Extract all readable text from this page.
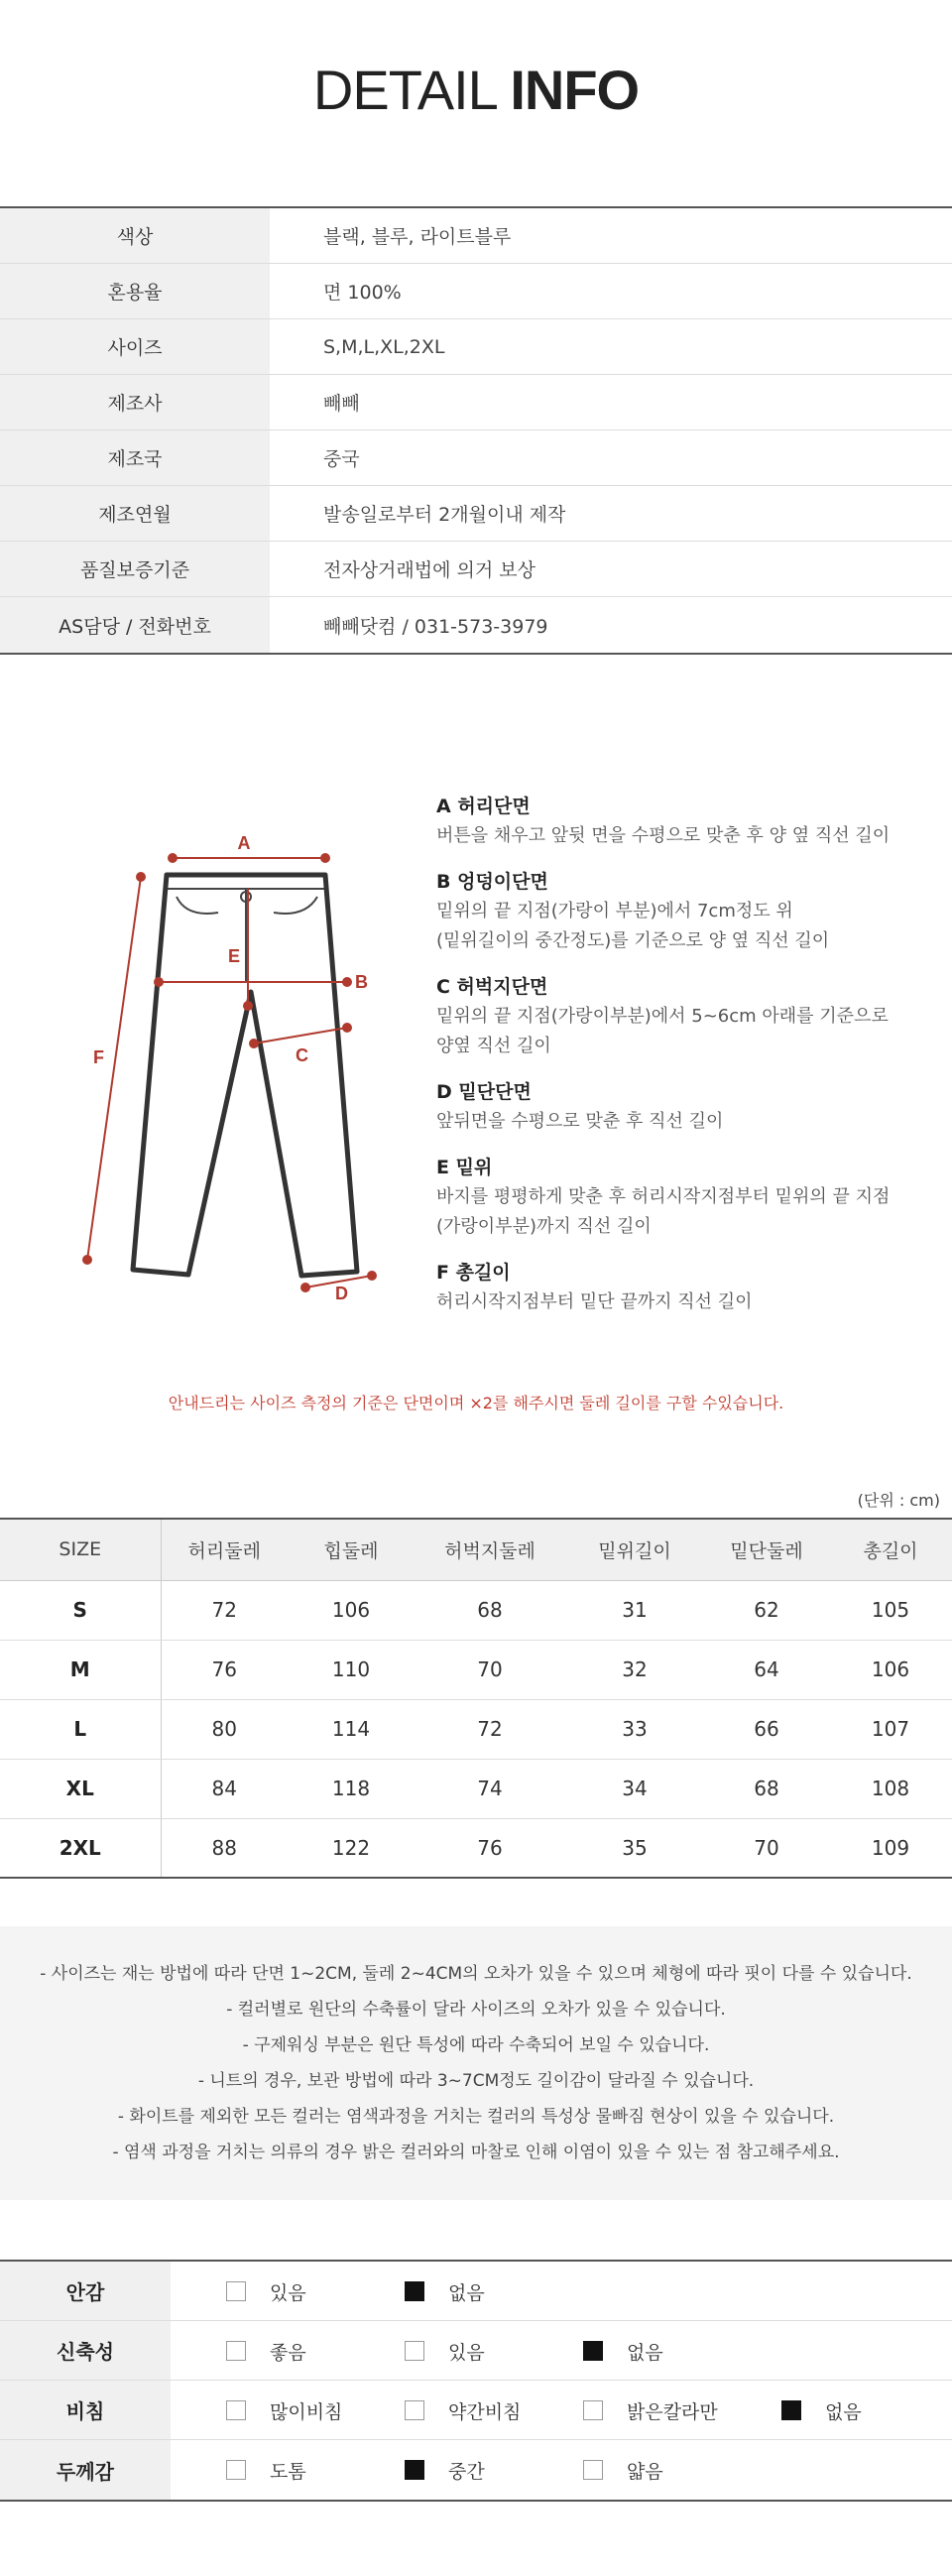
DETAIL INFO
색상	블랙, 블루, 라이트블루
혼용율	면 100%
사이즈	S,M,L,XL,2XL
제조사	빼빼
제조국	중국
제조연월	발송일로부터 2개월이내 제작
품질보증기준	전자상거래법에 의거 보상
AS담당 / 전화번호	빼빼닷컴 / 031-573-3979
A
B
C
D
E
F
A 허리단면
버튼을 채우고 앞뒷 면을 수평으로 맞춘 후 양 옆 직선 길이
B 엉덩이단면
밑위의 끝 지점(가랑이 부분)에서 7cm정도 위
(밑위길이의 중간정도)를 기준으로 양 옆 직선 길이
C 허벅지단면
밑위의 끝 지점(가랑이부분)에서 5~6cm 아래를 기준으로
양옆 직선 길이
D 밑단단면
앞뒤면을 수평으로 맞춘 후 직선 길이
E 밑위
바지를 평평하게 맞춘 후 허리시작지점부터 밑위의 끝 지점
(가랑이부분)까지 직선 길이
F 총길이
허리시작지점부터 밑단 끝까지 직선 길이
안내드리는 사이즈 측정의 기준은 단면이며 ×2를 해주시면 둘레 길이를 구할 수있습니다.
(단위 : cm)
SIZE	허리둘레	힙둘레	허벅지둘레	밑위길이	밑단둘레	총길이
S	72	106	68	31	62	105
M	76	110	70	32	64	106
L	80	114	72	33	66	107
XL	84	118	74	34	68	108
2XL	88	122	76	35	70	109

- 사이즈는 재는 방법에 따라 단면 1~2CM, 둘레 2~4CM의 오차가 있을 수 있으며 체형에 따라 핏이 다를 수 있습니다.

- 컬러별로 원단의 수축률이 달라 사이즈의 오차가 있을 수 있습니다.

- 구제워싱 부분은 원단 특성에 따라 수축되어 보일 수 있습니다.

- 니트의 경우, 보관 방법에 따라 3~7CM정도 길이감이 달라질 수 있습니다.

- 화이트를 제외한 모든 컬러는 염색과정을 거치는 컬러의 특성상 물빠짐 현상이 있을 수 있습니다.

- 염색 과정을 거치는 의류의 경우 밝은 컬러와의 마찰로 인해 이염이 있을 수 있는 점 참고해주세요.

안감	있음	없음
신축성	좋음	있음	없음
비침	많이비침	약간비침	밝은칼라만	없음
두께감	도톰	중간	얇음
